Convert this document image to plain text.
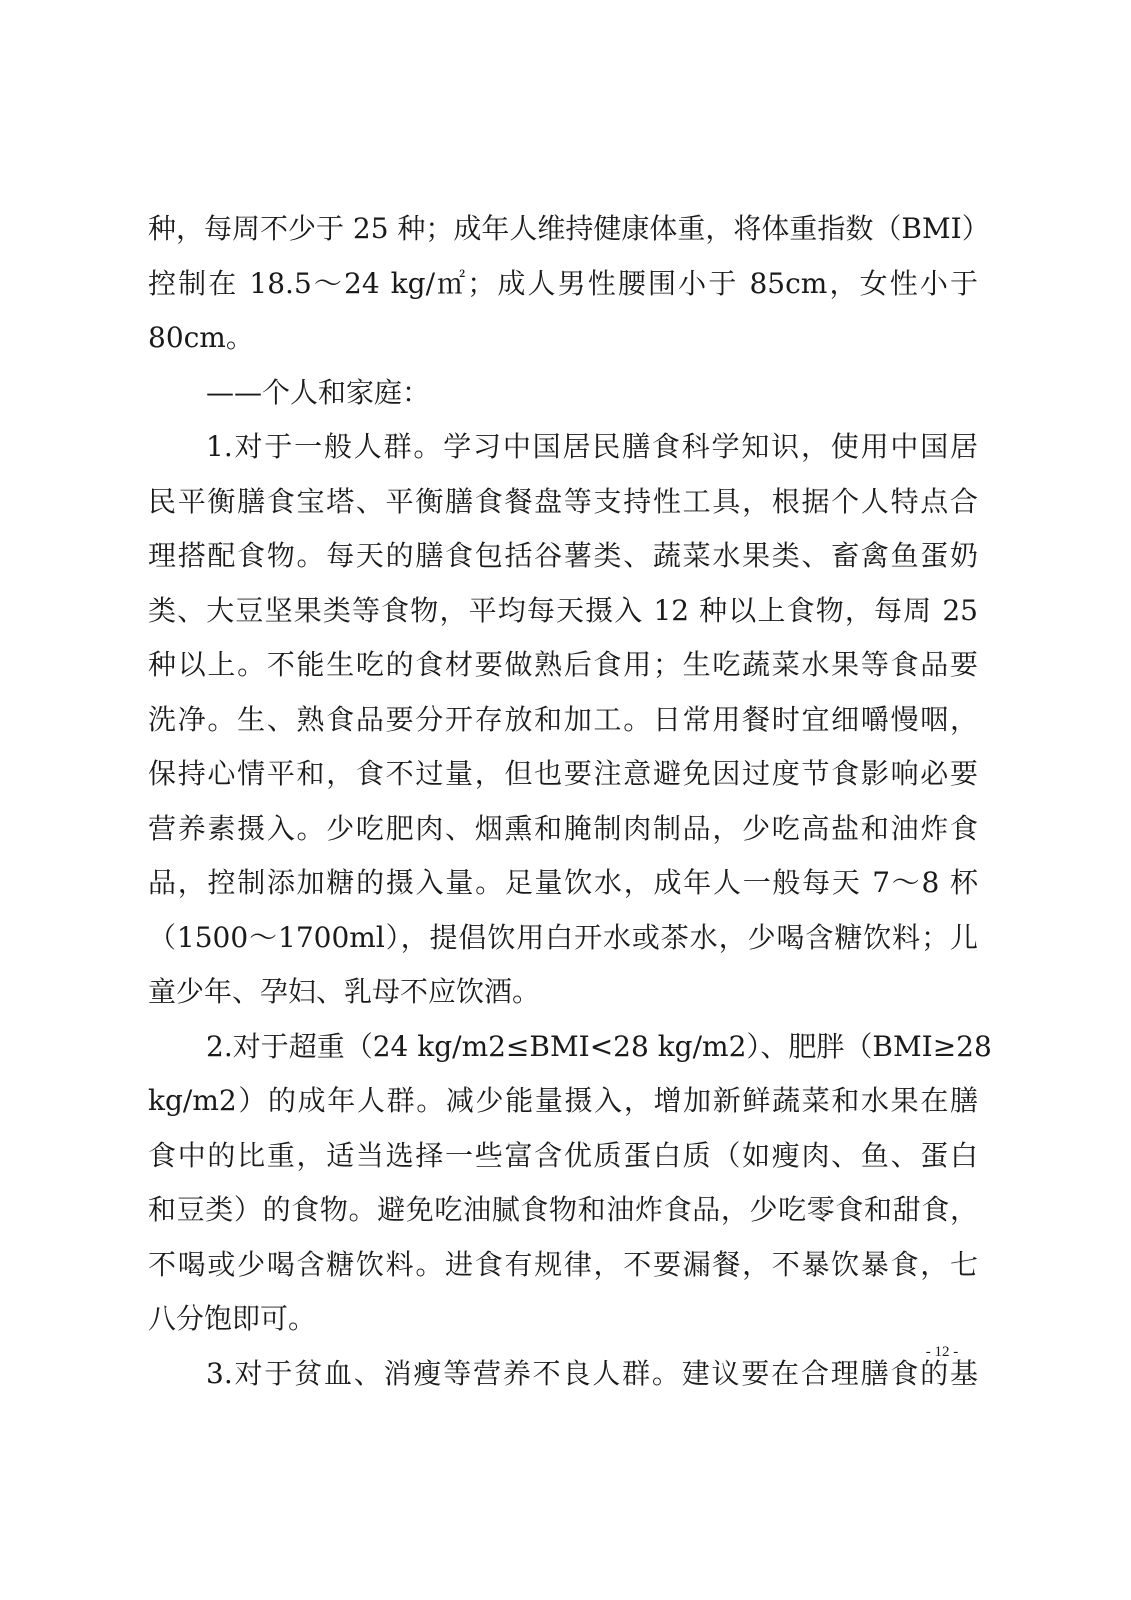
种，每周不少于 25 种；成年人维持健康体重，将体重指数（BMI）
控制在 18.5～24 kg/㎡；成人男性腰围小于 85cm，女性小于
80cm。
——个人和家庭：
1.对于一般人群。学习中国居民膳食科学知识，使用中国居
民平衡膳食宝塔、平衡膳食餐盘等支持性工具，根据个人特点合
理搭配食物。每天的膳食包括谷薯类、蔬菜水果类、畜禽鱼蛋奶
类、大豆坚果类等食物，平均每天摄入 12 种以上食物，每周 25
种以上。不能生吃的食材要做熟后食用；生吃蔬菜水果等食品要
洗净。生、熟食品要分开存放和加工。日常用餐时宜细嚼慢咽，
保持心情平和，食不过量，但也要注意避免因过度节食影响必要
营养素摄入。少吃肥肉、烟熏和腌制肉制品，少吃高盐和油炸食
品，控制添加糖的摄入量。足量饮水，成年人一般每天 7～8 杯
（1500～1700ml），提倡饮用白开水或茶水，少喝含糖饮料；儿
童少年、孕妇、乳母不应饮酒。
2.对于超重（24 kg/m2≤BMI<28 kg/m2）、肥胖（BMI≥28
kg/m2）的成年人群。减少能量摄入，增加新鲜蔬菜和水果在膳
食中的比重，适当选择一些富含优质蛋白质（如瘦肉、鱼、蛋白
和豆类）的食物。避免吃油腻食物和油炸食品，少吃零食和甜食，
不喝或少喝含糖饮料。进食有规律，不要漏餐，不暴饮暴食，七
八分饱即可。
3.对于贫血、消瘦等营养不良人群。建议要在合理膳食的基
- 12 -
